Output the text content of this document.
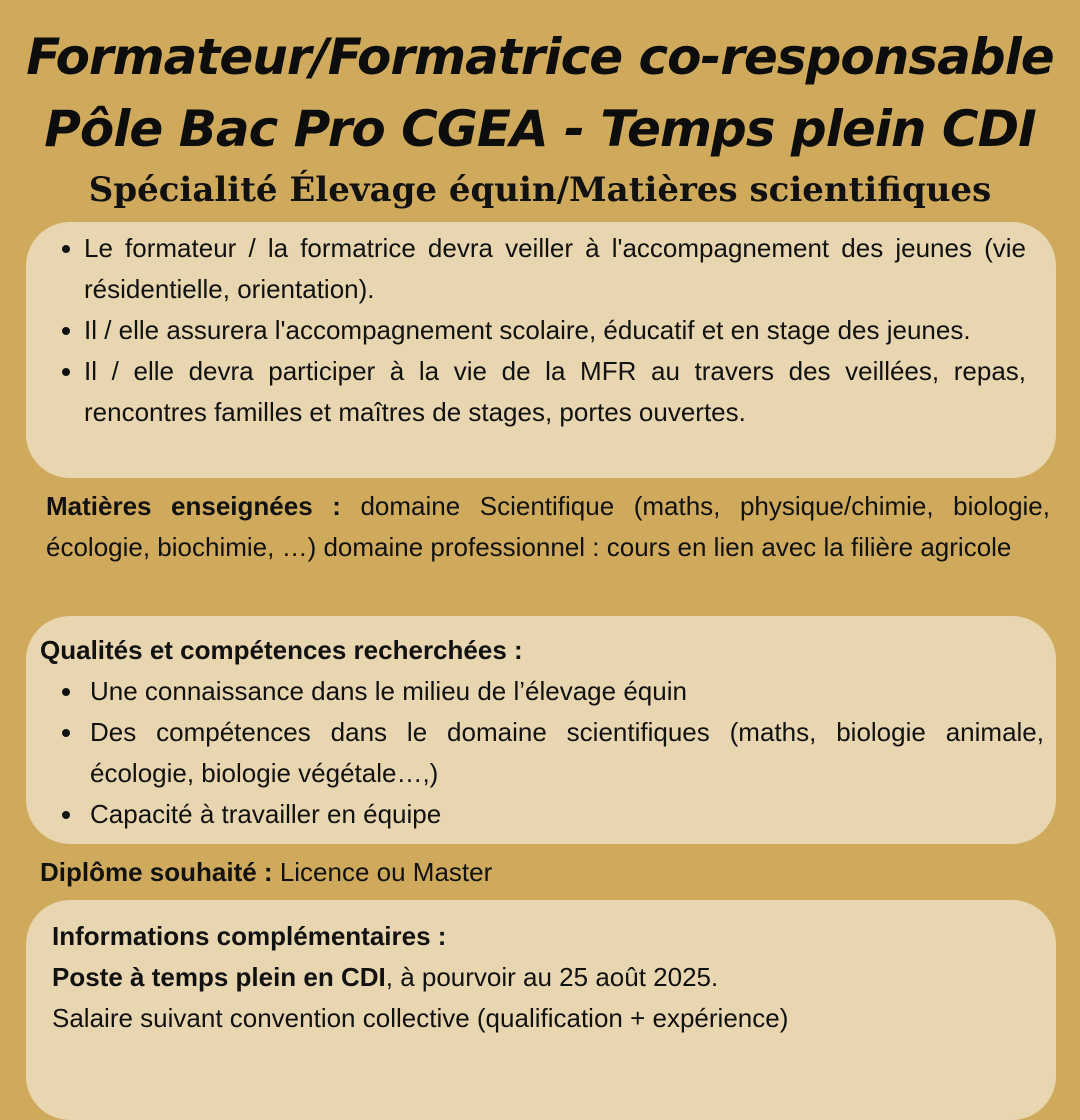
Formateur/Formatrice co-responsable
Pôle Bac Pro CGEA - Temps plein CDI
Spécialité Élevage équin/Matières scientifiques
Le formateur / la formatrice devra veiller à l'accompagnement des jeunes (vie résidentielle, orientation).
Il / elle assurera l'accompagnement scolaire, éducatif et en stage des jeunes.
Il / elle devra participer à la vie de la MFR au travers des veillées, repas, rencontres familles et maîtres de stages, portes ouvertes.
Matières enseignées : domaine Scientifique (maths, physique/chimie, biologie, écologie, biochimie, …) domaine professionnel : cours en lien avec la filière agricole
Qualités et compétences recherchées :
Une connaissance dans le milieu de l’élevage équin
Des compétences dans le domaine scientifiques (maths, biologie animale, écologie, biologie végétale…,)
Capacité à travailler en équipe
Diplôme souhaité : Licence ou Master
Informations complémentaires :
Poste à temps plein en CDI, à pourvoir au 25 août 2025.
Salaire suivant convention collective (qualification + expérience)
